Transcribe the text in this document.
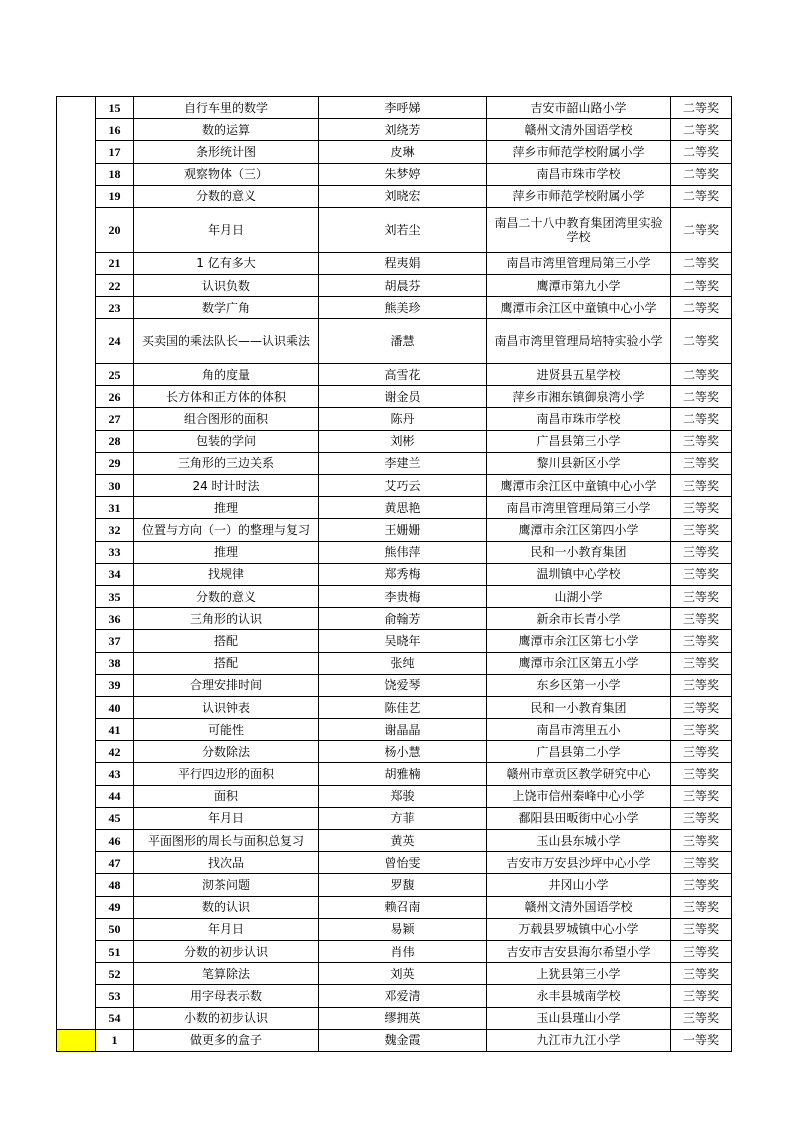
	15	自行车里的数学	李呼娣	吉安市韶山路小学	二等奖
	16	数的运算	刘绕芳	赣州文清外国语学校	二等奖
	17	条形统计图	皮琳	萍乡市师范学校附属小学	二等奖
	18	观察物体（三）	朱梦婷	南昌市珠市学校	二等奖
	19	分数的意义	刘晓宏	萍乡市师范学校附属小学	二等奖
	20	年月日	刘若尘	南昌二十八中教育集团湾里实验学校	二等奖
	21	1 亿有多大	程夷娟	南昌市湾里管理局第三小学	二等奖
	22	认识负数	胡晨芬	鹰潭市第九小学	二等奖
	23	数学广角	熊美珍	鹰潭市余江区中童镇中心小学	二等奖
	24	买卖国的乘法队长——认识乘法	潘慧	南昌市湾里管理局培特实验小学	二等奖
	25	角的度量	高雪花	进贤县五星学校	二等奖
	26	长方体和正方体的体积	谢金员	萍乡市湘东镇御泉湾小学	二等奖
	27	组合图形的面积	陈丹	南昌市珠市学校	二等奖
	28	包装的学问	刘彬	广昌县第三小学	三等奖
	29	三角形的三边关系	李建兰	黎川县新区小学	三等奖
	30	24 时计时法	艾巧云	鹰潭市余江区中童镇中心小学	三等奖
	31	推理	黄思艳	南昌市湾里管理局第三小学	三等奖
	32	位置与方向（一）的整理与复习	王姗姗	鹰潭市余江区第四小学	三等奖
	33	推理	熊伟萍	民和一小教育集团	三等奖
	34	找规律	郑秀梅	温圳镇中心学校	三等奖
	35	分数的意义	李贵梅	山湖小学	三等奖
	36	三角形的认识	俞翰芳	新余市长青小学	三等奖
	37	搭配	吴晓年	鹰潭市余江区第七小学	三等奖
	38	搭配	张纯	鹰潭市余江区第五小学	三等奖
	39	合理安排时间	饶爱琴	东乡区第一小学	三等奖
	40	认识钟表	陈佳艺	民和一小教育集团	三等奖
	41	可能性	谢晶晶	南昌市湾里五小	三等奖
	42	分数除法	杨小慧	广昌县第二小学	三等奖
	43	平行四边形的面积	胡雅楠	赣州市章贡区教学研究中心	三等奖
	44	面积	郑骏	上饶市信州秦峰中心小学	三等奖
	45	年月日	方菲	鄱阳县田畈街中心小学	三等奖
	46	平面图形的周长与面积总复习	黄英	玉山县东城小学	三等奖
	47	找次品	曾怡雯	吉安市万安县沙坪中心小学	三等奖
	48	沏茶问题	罗馥	井冈山小学	三等奖
	49	数的认识	赖召南	赣州文清外国语学校	三等奖
	50	年月日	易颖	万载县罗城镇中心小学	三等奖
	51	分数的初步认识	肖伟	吉安市吉安县海尔希望小学	三等奖
	52	笔算除法	刘英	上犹县第三小学	三等奖
	53	用字母表示数	邓爱清	永丰县城南学校	三等奖
	54	小数的初步认识	缪拥英	玉山县瑾山小学	三等奖
	1	做更多的盒子	魏金霞	九江市九江小学	一等奖
